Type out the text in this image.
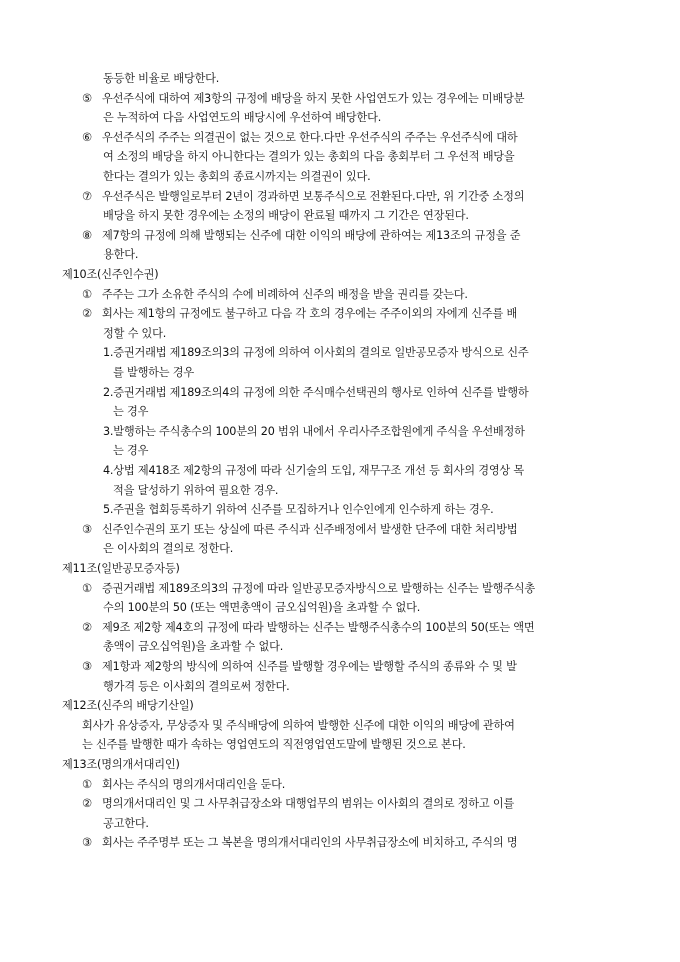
동등한 비율로 배당한다.
⑤ 우선주식에 대하여 제3항의 규정에 배당을 하지 못한 사업연도가 있는 경우에는 미배당분
은 누적하여 다음 사업연도의 배당시에 우선하여 배당한다.
⑥ 우선주식의 주주는 의결권이 없는 것으로 한다.다만 우선주식의 주주는 우선주식에 대하
여 소정의 배당을 하지 아니한다는 결의가 있는 총회의 다음 총회부터 그 우선적 배당을
한다는 결의가 있는 총회의 종료시까지는 의결권이 있다.
⑦ 우선주식은 발행일로부터 2년이 경과하면 보통주식으로 전환된다.다만, 위 기간중 소정의
배당을 하지 못한 경우에는 소정의 배당이 완료될 때까지 그 기간은 연장된다.
⑧ 제7항의 규정에 의해 발행되는 신주에 대한 이익의 배당에 관하여는 제13조의 규정을 준
용한다.
제10조(신주인수권)
① 주주는 그가 소유한 주식의 수에 비례하여 신주의 배정을 받을 권리를 갖는다.
② 회사는 제1항의 규정에도 불구하고 다음 각 호의 경우에는 주주이외의 자에게 신주를 배
정할 수 있다.
1.증권거래법 제189조의3의 규정에 의하여 이사회의 결의로 일반공모증자 방식으로 신주
를 발행하는 경우
2.증권거래법 제189조의4의 규정에 의한 주식매수선택권의 행사로 인하여 신주를 발행하
는 경우
3.발행하는 주식총수의 100분의 20 범위 내에서 우리사주조합원에게 주식을 우선배정하
는 경우
4.상법 제418조 제2항의 규정에 따라 신기술의 도입, 재무구조 개선 등 회사의 경영상 목
적을 달성하기 위하여 필요한 경우.
5.주권을 협회등록하기 위하여 신주를 모집하거나 인수인에게 인수하게 하는 경우.
③ 신주인수권의 포기 또는 상실에 따른 주식과 신주배정에서 발생한 단주에 대한 처리방법
은 이사회의 결의로 정한다.
제11조(일반공모증자등)
① 증권거래법 제189조의3의 규정에 따라 일반공모증자방식으로 발행하는 신주는 발행주식총
수의 100분의 50 (또는 액면총액이 금오십억원)을 초과할 수 없다.
② 제9조 제2항 제4호의 규정에 따라 발행하는 신주는 발행주식총수의 100분의 50(또는 액면
총액이 금오십억원)을 초과할 수 없다.
③ 제1항과 제2항의 방식에 의하여 신주를 발행할 경우에는 발행할 주식의 종류와 수 및 발
행가격 등은 이사회의 결의로써 정한다.
제12조(신주의 배당기산일)
회사가 유상증자, 무상증자 및 주식배당에 의하여 발행한 신주에 대한 이익의 배당에 관하여
는 신주를 발행한 때가 속하는 영업연도의 직전영업연도말에 발행된 것으로 본다.
제13조(명의개서대리인)
① 회사는 주식의 명의개서대리인을 둔다.
② 명의개서대리인 및 그 사무취급장소와 대행업무의 범위는 이사회의 결의로 정하고 이를
공고한다.
③ 회사는 주주명부 또는 그 복본을 명의개서대리인의 사무취급장소에 비치하고, 주식의 명
